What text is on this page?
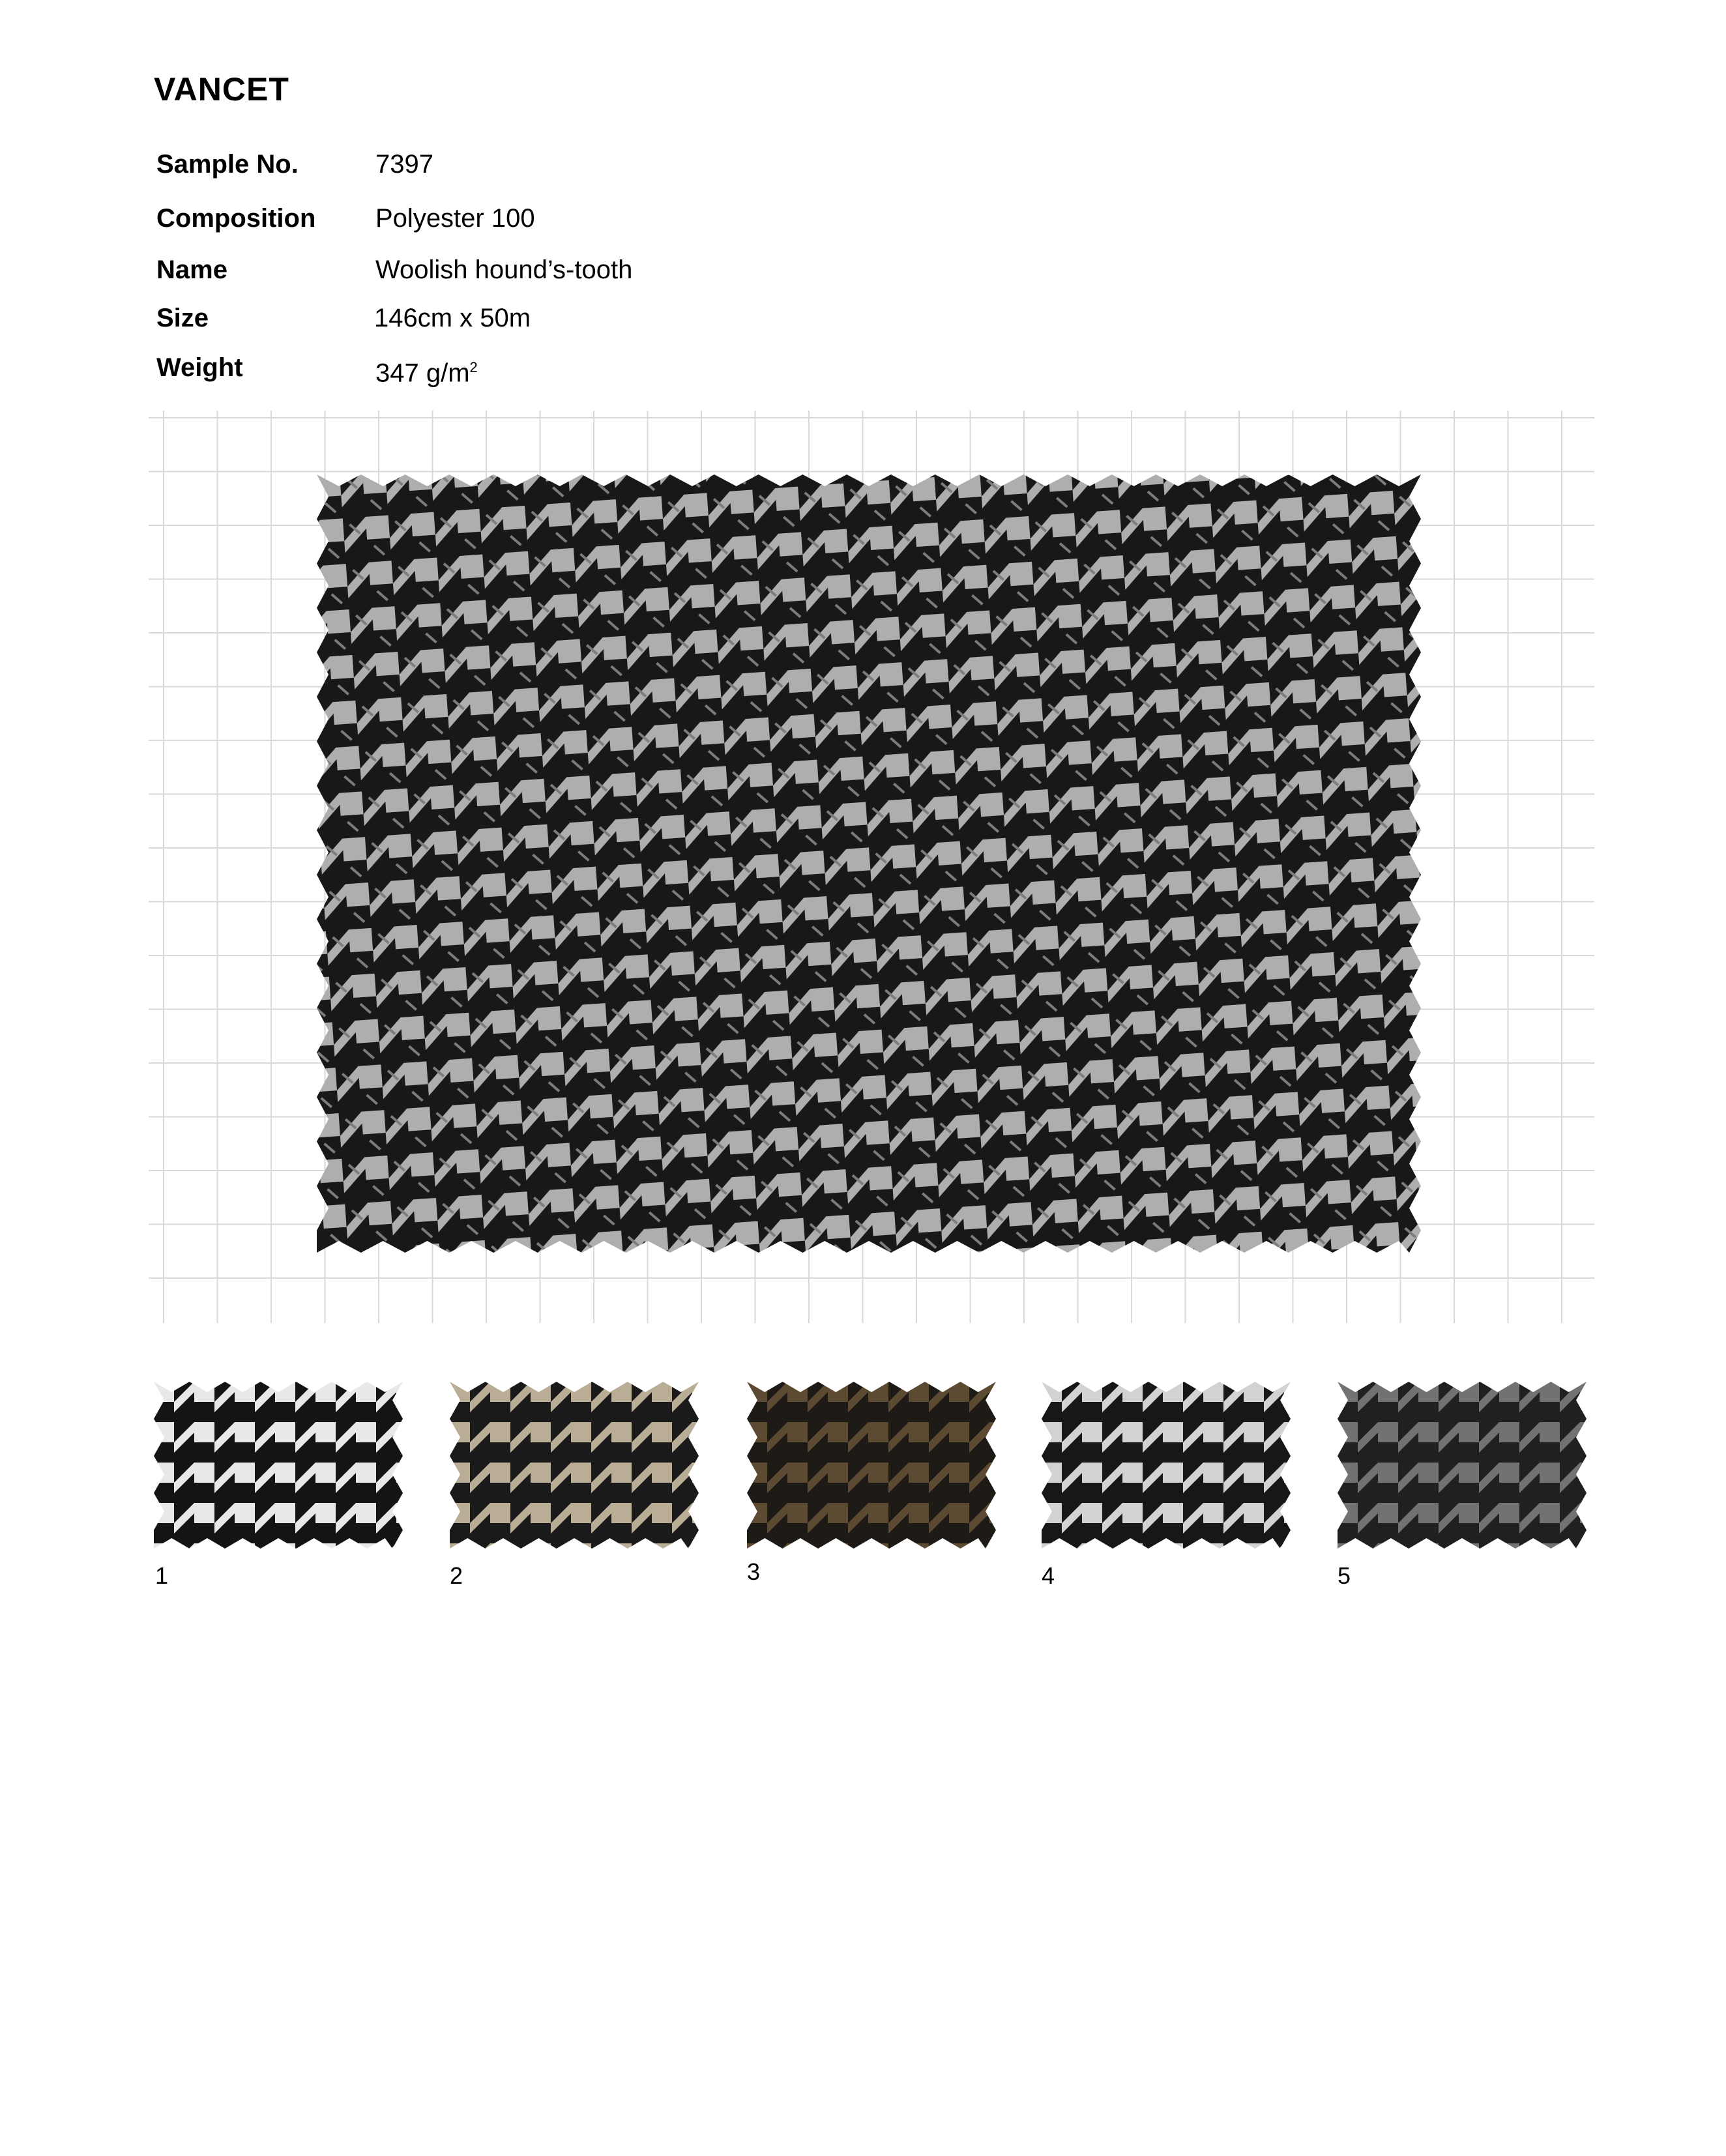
VANCET
Sample No.	7397
Composition Polyester 100
Name	Woolish hound’s-tooth
Size	146cm x 50m
Weight	347 $g/m^2$
1	2	3	4	5
